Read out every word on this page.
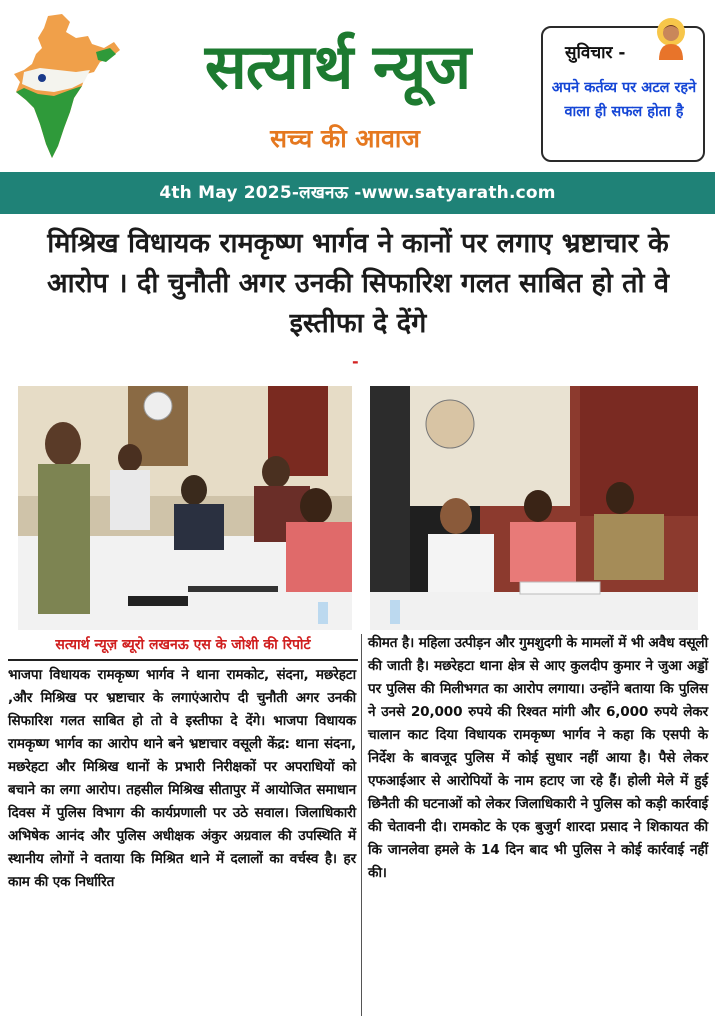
सत्यार्थ न्यूज
सच्च की आवाज
सुविचार -
अपने कर्तव्य पर अटल रहने वाला ही सफल होता है
4th May 2025-लखनऊ -www.satyarath.com
मिश्रिख विधायक रामकृष्ण भार्गव ने कानों पर लगाए भ्रष्टाचार के आरोप । दी चुनौती अगर उनकी सिफारिश गलत साबित हो तो वे इस्तीफा दे देंगे
-
सत्यार्थ न्यूज़ ब्यूरो लखनऊ एस के जोशी की रिपोर्ट

भाजपा विधायक रामकृष्ण भार्गव ने थाना रामकोट, संदना, मछरेहटा ,और मिश्रिख पर भ्रष्टाचार के लगाएंआरोप दी चुनौती अगर उनकी सिफारिश गलत साबित हो तो वे इस्तीफा दे देंगे। भाजपा विधायक रामकृष्ण भार्गव का आरोप थाने बने भ्रष्टाचार वसूली केंद्र: थाना संदना, मछरेहटा और मिश्रिख थानों के प्रभारी निरीक्षकों पर अपराधियों को बचाने का लगा आरोप। तहसील मिश्रिख सीतापुर में आयोजित समाधान दिवस में पुलिस विभाग की कार्यप्रणाली पर उठे सवाल। जिलाधिकारी अभिषेक आनंद और पुलिस अधीक्षक अंकुर अग्रवाल की उपस्थिति में स्थानीय लोगों ने वताया कि मिश्रित थाने में दलालों का वर्चस्व है। हर काम की एक निर्धारित

कीमत है। महिला उत्पीड़न और गुमशुदगी के मामलों में भी अवैध वसूली की जाती है। मछरेहटा थाना क्षेत्र से आए कुलदीप कुमार ने जुआ अड्डों पर पुलिस की मिलीभगत का आरोप लगाया। उन्होंने बताया कि पुलिस ने उनसे 20,000 रुपये की रिश्वत मांगी और 6,000 रुपये लेकर चालान काट दिया विधायक रामकृष्ण भार्गव ने कहा कि एसपी के निर्देश के बावजूद पुलिस में कोई सुधार नहीं आया है। पैसे लेकर एफआईआर से आरोपियों के नाम हटाए जा रहे हैं। होली मेले में हुई छिनैती की घटनाओं को लेकर जिलाधिकारी ने पुलिस को कड़ी कार्रवाई की चेतावनी दी। रामकोट के एक बुजुर्ग शारदा प्रसाद ने शिकायत की कि जानलेवा हमले के 14 दिन बाद भी पुलिस ने कोई कार्रवाई नहीं की।
